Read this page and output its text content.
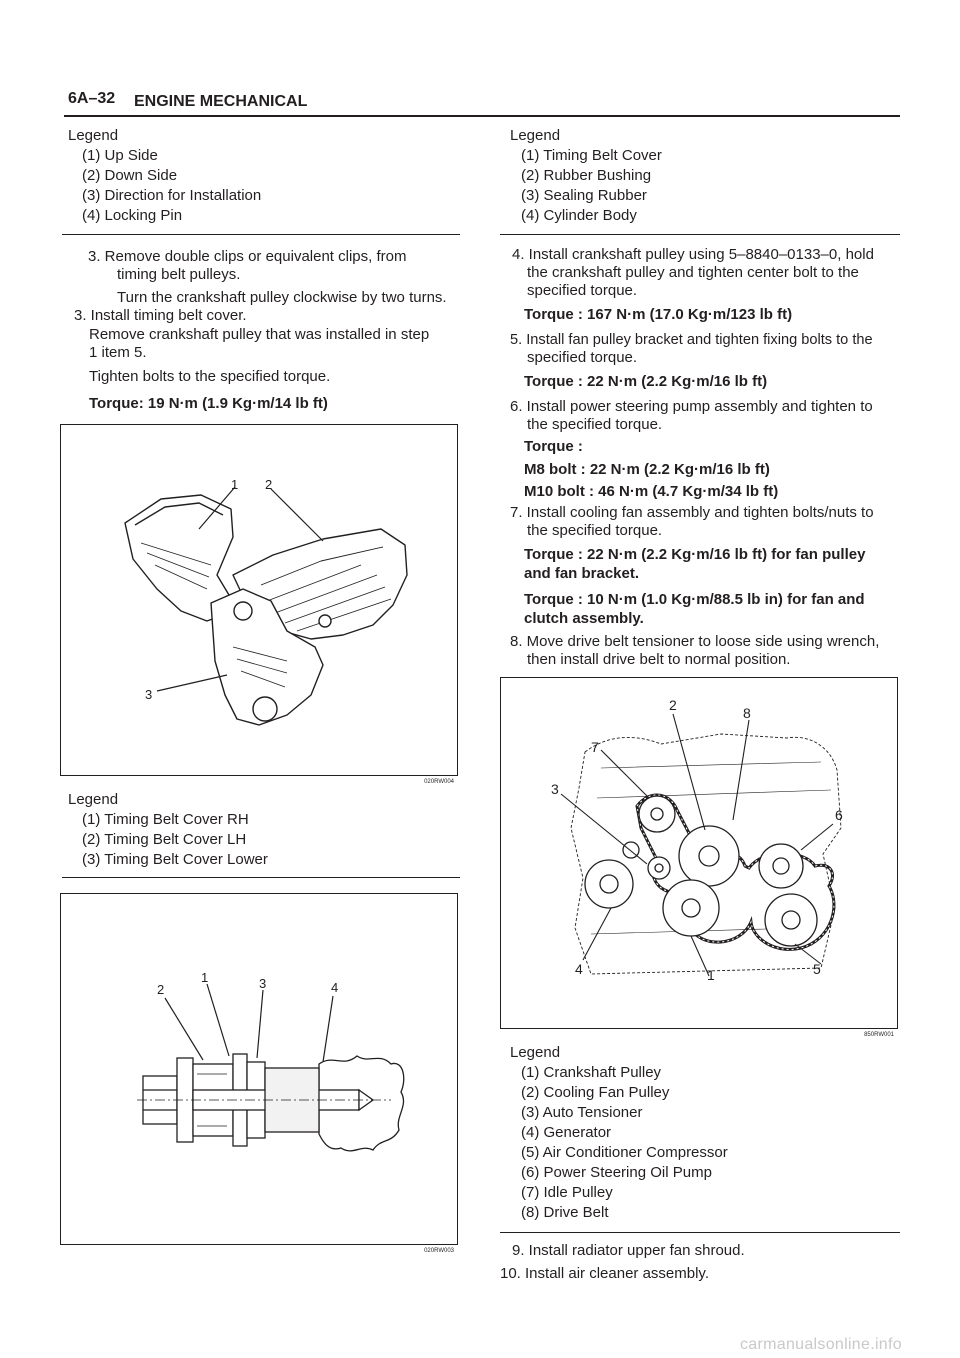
6A–32 ENGINE MECHANICAL
Legend
(1) Up Side
(2) Down Side
(3) Direction for Installation
(4) Locking Pin
3. Remove double clips or equivalent clips, from
timing belt pulleys.
Turn the crankshaft pulley clockwise by two turns.
3. Install timing belt cover.
Remove crankshaft pulley that was installed in step
1 item 5.
Tighten bolts to the specified torque.
Torque: 19 N·m (1.9 Kg·m/14 lb ft)
1 2
3
020RW004
Legend
(1) Timing Belt Cover RH
(2) Timing Belt Cover LH
(3) Timing Belt Cover Lower
2
1	3	4
020RW003
Legend
(1) Timing Belt Cover
(2) Rubber Bushing
(3) Sealing Rubber
(4) Cylinder Body
4. Install crankshaft pulley using 5–8840–0133–0, hold
the crankshaft pulley and tighten center bolt to the
specified torque.
Torque : 167 N·m (17.0 Kg·m/123 lb ft)
5. Install fan pulley bracket and tighten fixing bolts to the
specified torque.
Torque : 22 N·m (2.2 Kg·m/16 lb ft)
6. Install power steering pump assembly and tighten to
the specified torque.
Torque :
M8 bolt : 22 N·m (2.2 Kg·m/16 lb ft)
M10 bolt : 46 N·m (4.7 Kg·m/34 lb ft)
7. Install cooling fan assembly and tighten bolts/nuts to
the specified torque.
Torque : 22 N·m (2.2 Kg·m/16 lb ft) for fan pulley
and fan bracket.
Torque : 10 N·m (1.0 Kg·m/88.5 lb in) for fan and
clutch assembly.
8. Move drive belt tensioner to loose side using wrench,
then install drive belt to normal position.
1
2
3
4	5
6
7
8
850RW001
Legend
(1) Crankshaft Pulley
(2) Cooling Fan Pulley
(3) Auto Tensioner
(4) Generator
(5) Air Conditioner Compressor
(6) Power Steering Oil Pump
(7) Idle Pulley
(8) Drive Belt
9. Install radiator upper fan shroud.
10. Install air cleaner assembly.
carmanualsonline.info
